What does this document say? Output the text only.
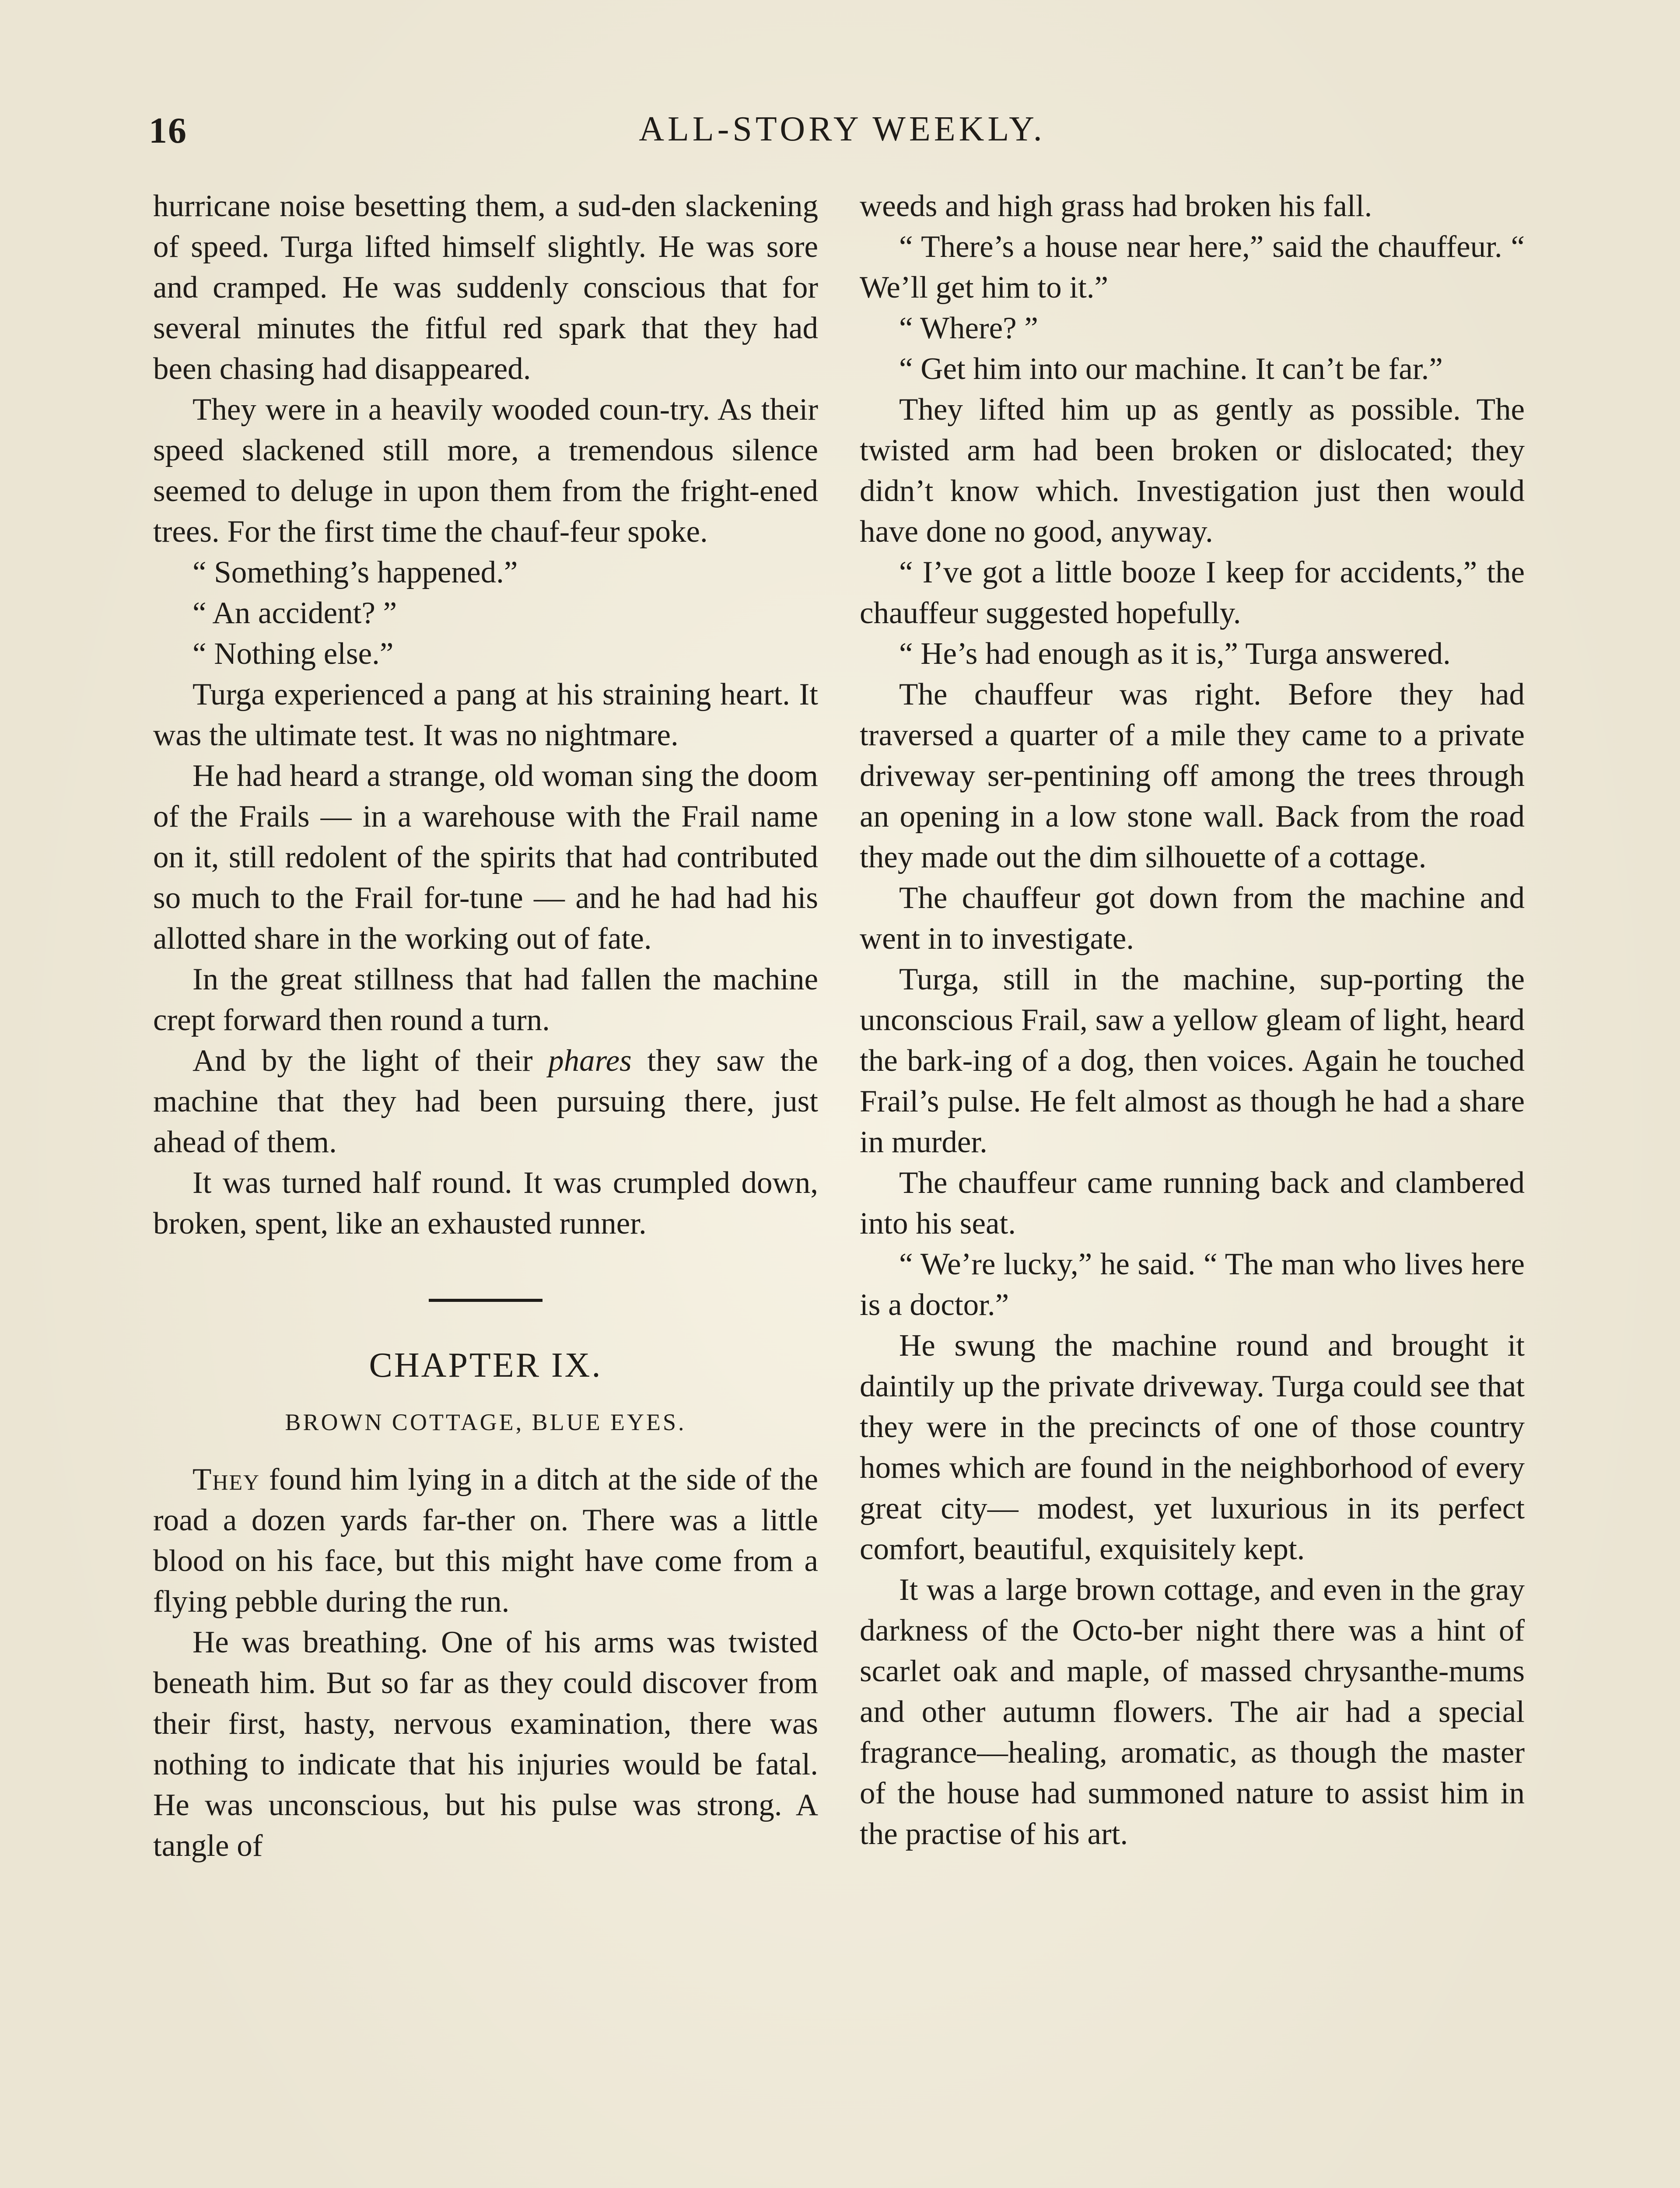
16	ALL-STORY WEEKLY.

hurricane noise besetting them, a sud-den slackening of speed. Turga lifted himself slightly. He was sore and cramped. He was suddenly conscious that for several minutes the fitful red spark that they had been chasing had disappeared.

They were in a heavily wooded coun-try. As their speed slackened still more, a tremendous silence seemed to deluge in upon them from the fright-ened trees. For the first time the chauf-feur spoke.

“ Something’s happened.”

“ An accident? ”

“ Nothing else.”

Turga experienced a pang at his straining heart. It was the ultimate test. It was no nightmare.

He had heard a strange, old woman sing the doom of the Frails — in a warehouse with the Frail name on it, still redolent of the spirits that had contributed so much to the Frail for-tune — and he had had his allotted share in the working out of fate.

In the great stillness that had fallen the machine crept forward then round a turn.

And by the light of their phares they saw the machine that they had been pursuing there, just ahead of them.

It was turned half round. It was crumpled down, broken, spent, like an exhausted runner.

CHAPTER IX.
BROWN COTTAGE, BLUE EYES.

They found him lying in a ditch at the side of the road a dozen yards far-ther on. There was a little blood on his face, but this might have come from a flying pebble during the run.

He was breathing. One of his arms was twisted beneath him. But so far as they could discover from their first, hasty, nervous examination, there was nothing to indicate that his injuries would be fatal. He was unconscious, but his pulse was strong. A tangle of

weeds and high grass had broken his fall.

“ There’s a house near here,” said the chauffeur. “ We’ll get him to it.”

“ Where? ”

“ Get him into our machine. It can’t be far.”

They lifted him up as gently as possible. The twisted arm had been broken or dislocated; they didn’t know which. Investigation just then would have done no good, anyway.

“ I’ve got a little booze I keep for accidents,” the chauffeur suggested hopefully.

“ He’s had enough as it is,” Turga answered.

The chauffeur was right. Before they had traversed a quarter of a mile they came to a private driveway ser-pentining off among the trees through an opening in a low stone wall. Back from the road they made out the dim silhouette of a cottage.

The chauffeur got down from the machine and went in to investigate.

Turga, still in the machine, sup-porting the unconscious Frail, saw a yellow gleam of light, heard the bark-ing of a dog, then voices. Again he touched Frail’s pulse. He felt almost as though he had a share in murder.

The chauffeur came running back and clambered into his seat.

“ We’re lucky,” he said. “ The man who lives here is a doctor.”

He swung the machine round and brought it daintily up the private driveway. Turga could see that they were in the precincts of one of those country homes which are found in the neighborhood of every great city— modest, yet luxurious in its perfect comfort, beautiful, exquisitely kept.

It was a large brown cottage, and even in the gray darkness of the Octo-ber night there was a hint of scarlet oak and maple, of massed chrysanthe-mums and other autumn flowers. The air had a special fragrance—healing, aromatic, as though the master of the house had summoned nature to assist him in the practise of his art.
